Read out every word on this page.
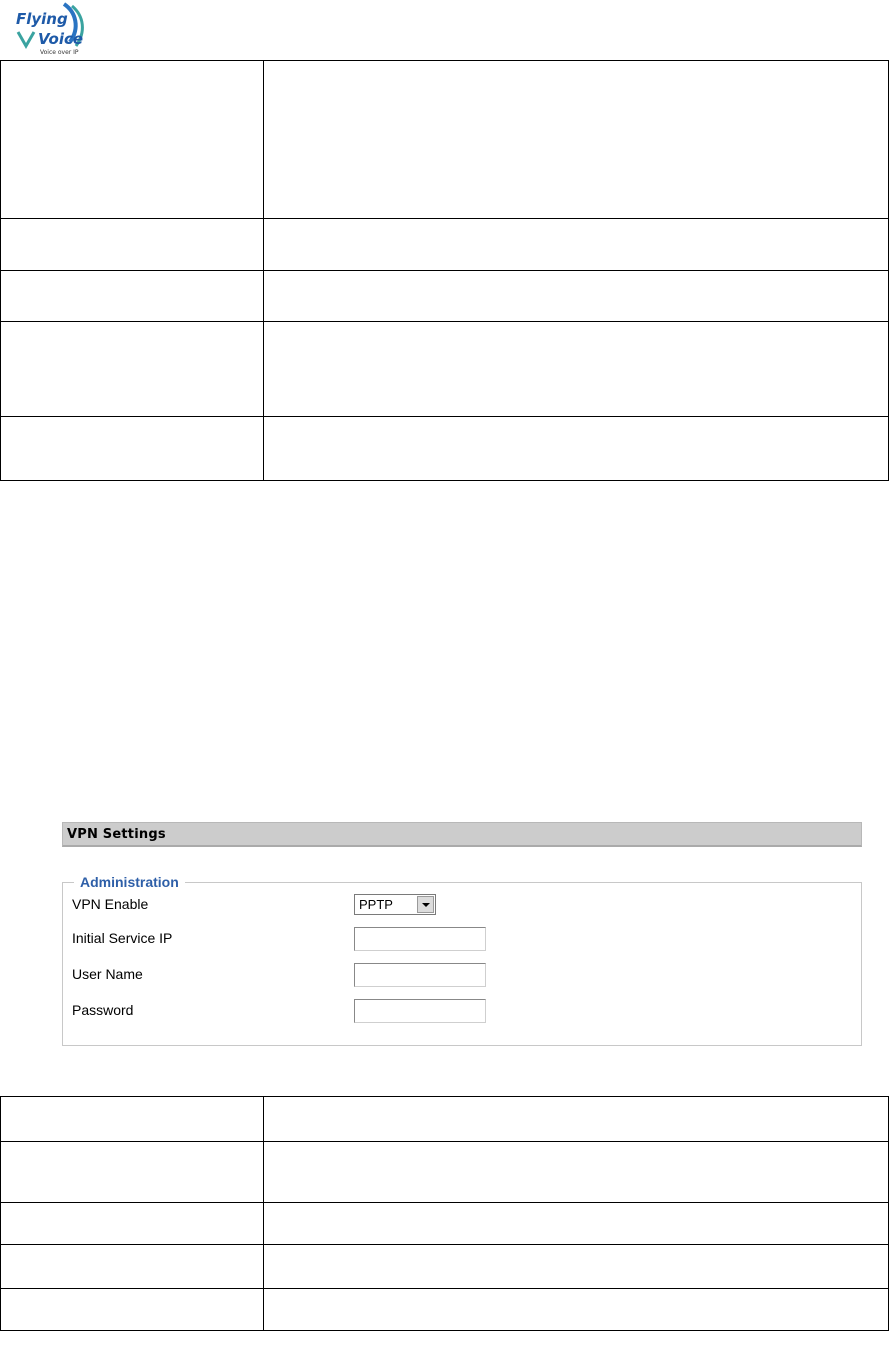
Flying
Voice
Voice over IP

VPN Settings
Administration
VPN Enable	PPTP
Initial Service IP
User Name
Password
